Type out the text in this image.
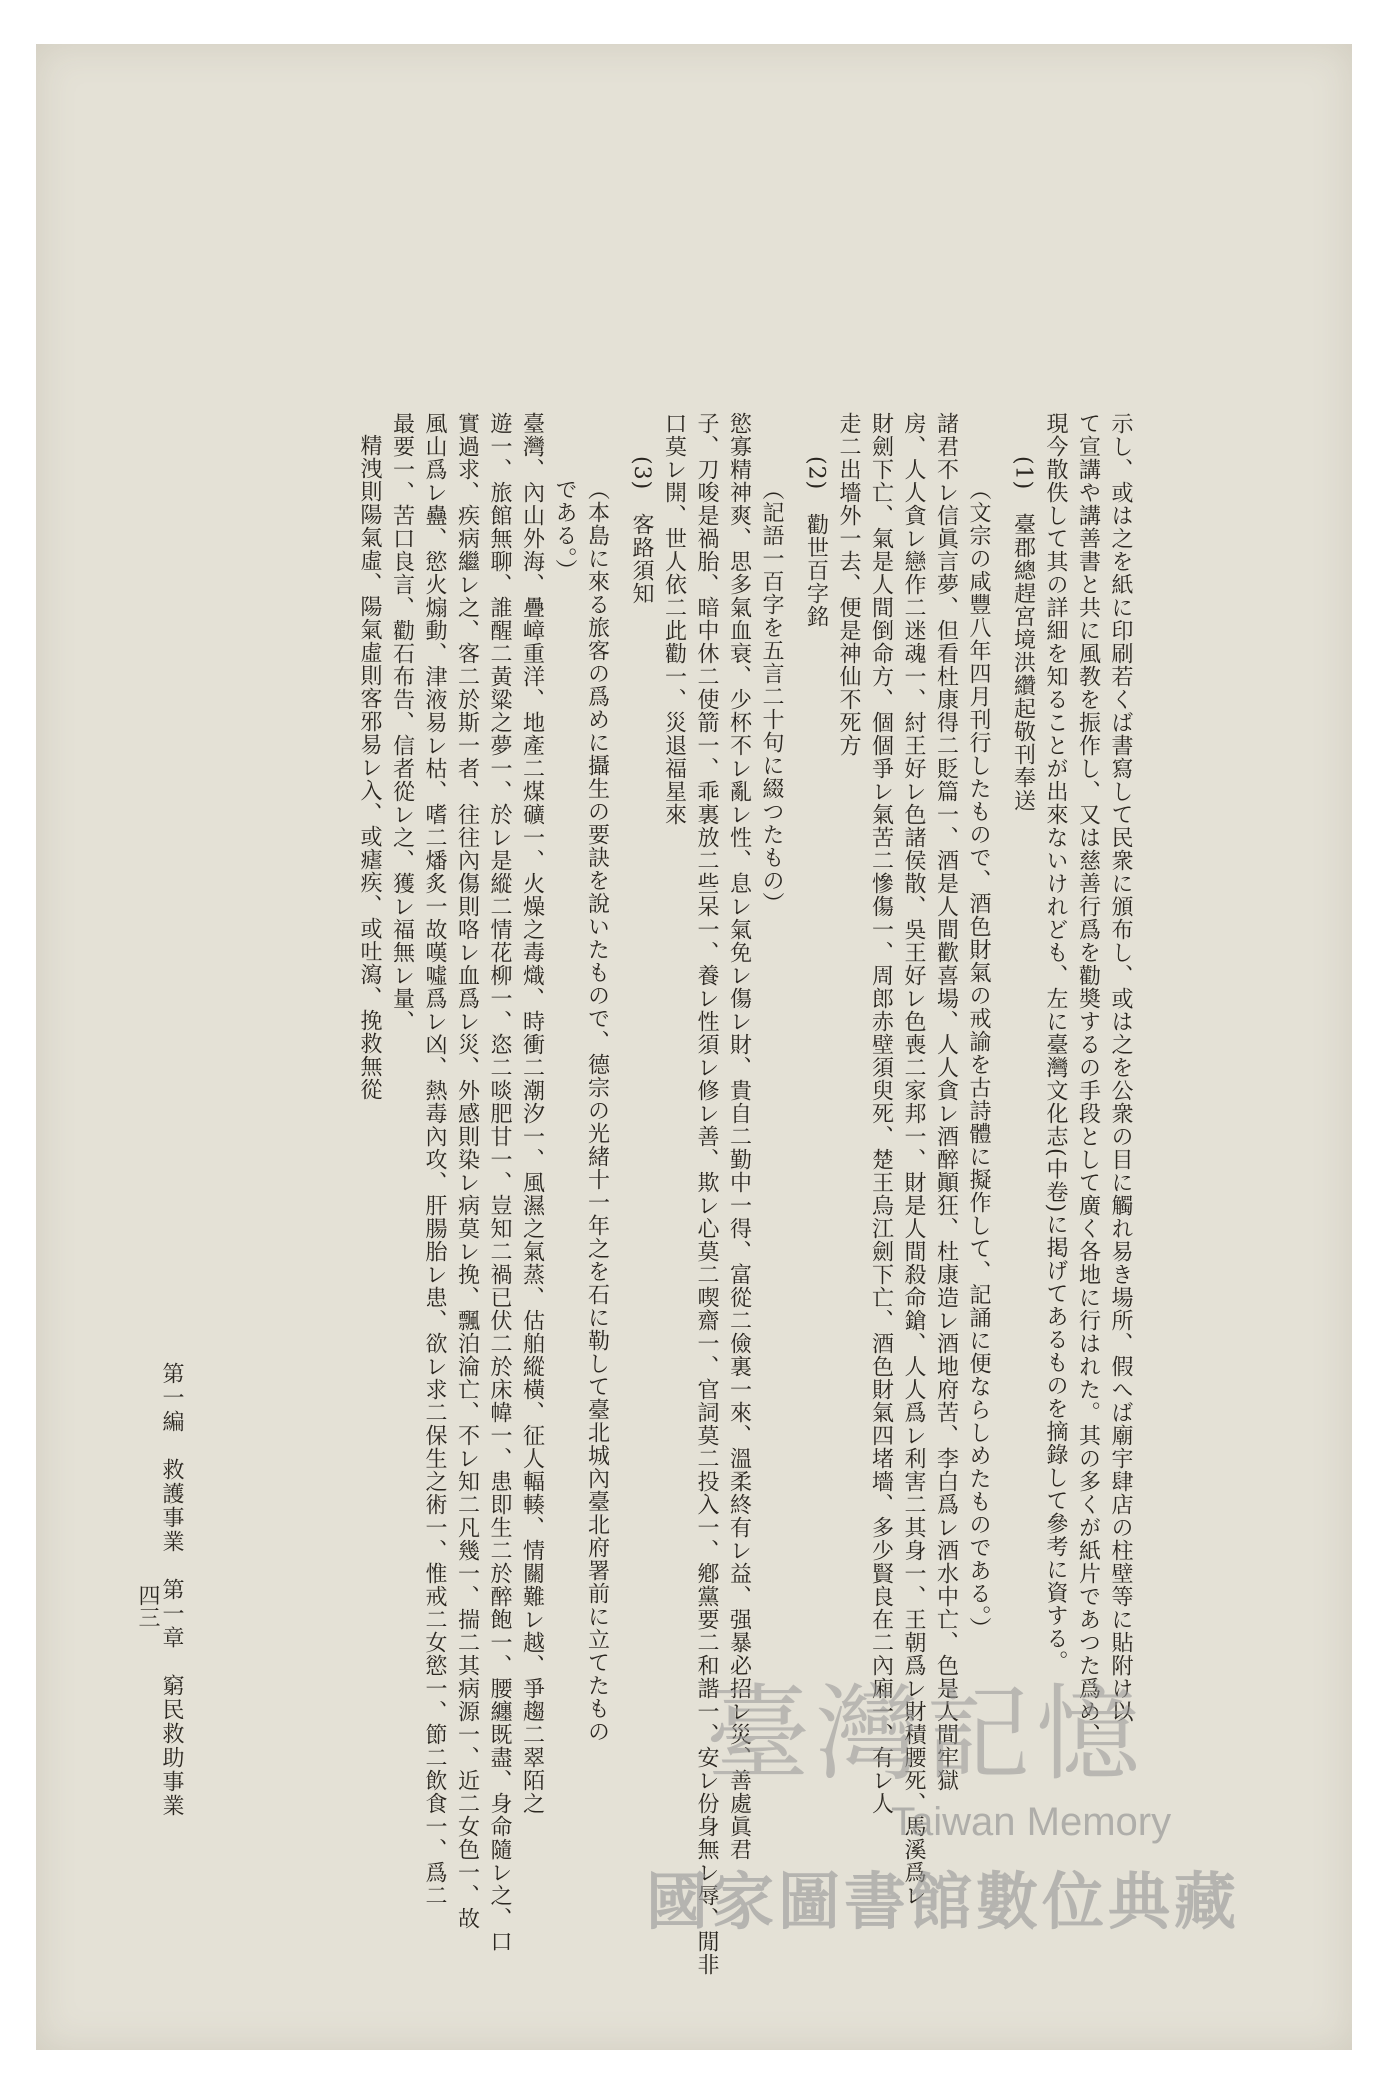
示し、或は之を紙に印刷若くば書寫して民衆に頒布し、或は之を公衆の目に觸れ易き場所、假へば廟宇肆店の柱壁等に貼附け以
て宣講や講善書と共に風教を振作し、又は慈善行爲を勸奬するの手段として廣く各地に行はれた。其の多くが紙片であつた爲め、
現今散佚して其の詳細を知ることが出來ないけれども、左に臺灣文化志(中卷)に掲げてあるものを摘錄して參考に資する。
(1)　臺郡總趕宮境洪纘起敬刊奉送
（文宗の咸豐八年四月刊行したもので、酒色財氣の戒諭を古詩體に擬作して、記誦に便ならしめたものである。）
諸君不レ信眞言夢、但看杜康得二貶篇一、酒是人間歡喜場、人人貪レ酒醉顚狂、杜康造レ酒地府苦、李白爲レ酒水中亡、色是人間牢獄
房、人人貪レ戀作二迷魂一、紂王好レ色諸侯散、吳王好レ色喪二家邦一、財是人間殺命鎗、人人爲レ利害二其身一、王朝爲レ財積腰死、馬溪爲レ
財劍下亡、氣是人間倒命方、個個爭レ氣苦二慘傷一、周郎赤壁須臾死、楚王烏江劍下亡、酒色財氣四堵墻、多少賢良在二內廂一、有レ人
走二出墻外一去、便是神仙不死方
(2)　勸世百字銘
（記語一百字を五言二十句に綴つたもの）
慾寡精神爽、思多氣血衰、少杯不レ亂レ性、息レ氣免レ傷レ財、貴自二勤中一得、富從二儉裏一來、溫柔終有レ益、强暴必招レ災、善處眞君
子、刀唆是禍胎、暗中休二使箭一、乖裏放二些呆一、養レ性須レ修レ善、欺レ心莫二喫齋一、官詞莫二投入一、鄕黨要二和諧一、安レ份身無レ辱、閒非
口莫レ開、世人依二此勸一、災退福星來
(3)　客路須知
（本島に來る旅客の爲めに攝生の要訣を說いたもので、德宗の光緒十一年之を石に勒して臺北城內臺北府署前に立てたもの
である。）
臺灣、內山外海、疊嶂重洋、地產二煤礦一、火燥之毒熾、時衝二潮汐一、風濕之氣蒸、估舶縱橫、征人輻輳、情關難レ越、爭趨二翠陌之
遊一、旅館無聊、誰醒二黃粱之夢一、於レ是縱二情花柳一、恣二啖肥甘一、豈知二禍已伏二於床幃一、患即生二於醉飽一、腰纏既盡、身命隨レ之、口
實過求、疾病繼レ之、客二於斯一者、往往內傷則咯レ血爲レ災、外感則染レ病莫レ挽、飄泊淪亡、不レ知二凡幾一、揣二其病源一、近二女色一、故
風山爲レ蠱、慾火煽動、津液易レ枯、嗜二燔炙一故嘆噓爲レ凶、熱毒內攻、肝腸胎レ患、欲レ求二保生之術一、惟戒二女慾一、節二飲食一、爲二
最要一、苦口良言、勸石布告、信者從レ之、獲レ福無レ量、
精洩則陽氣虛、陽氣虛則客邪易レ入、或瘧疾、或吐瀉、挽救無從
第一編　救護事業　第一章　窮民救助事業
四三
臺灣記憶
Taiwan Memory
國家圖書館數位典藏
